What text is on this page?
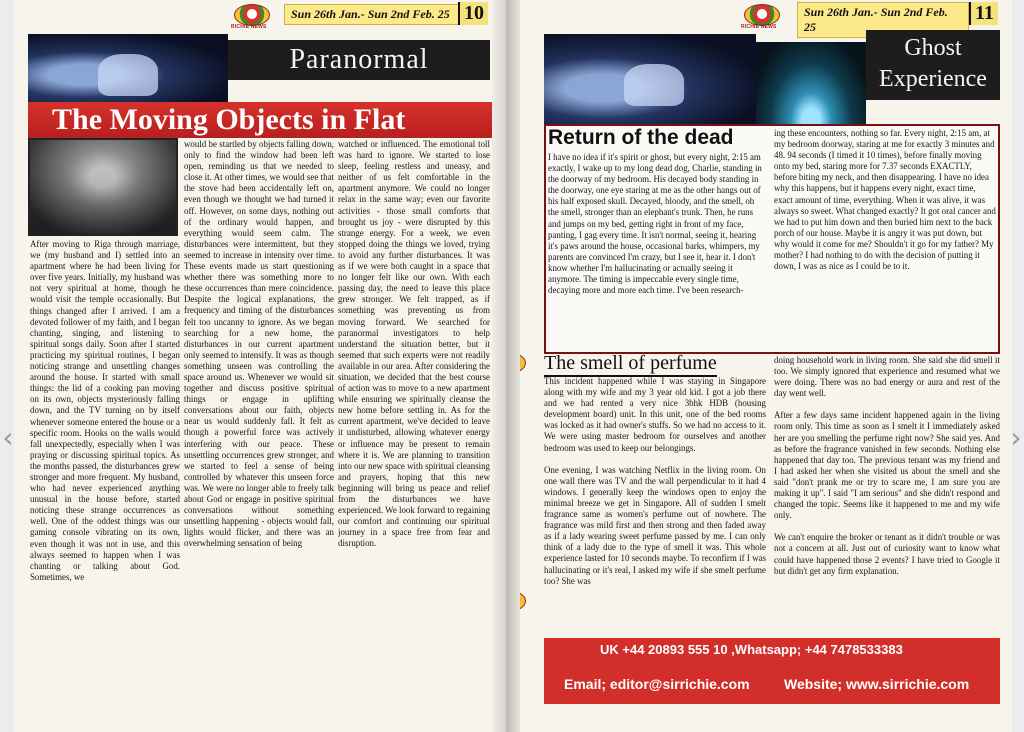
RICHIE NEWS
Sun 26th Jan.- Sun 2nd Feb. 25 10
Paranormal
The Moving Objects in Flat

After moving to Riga through marriage, we (my husband and I) settled into an apartment where he had been living for over five years. Initially, my husband was not very spiritual at home, though he would visit the temple occasionally. But things changed after I arrived. I am a devoted follower of my faith, and I began chanting, singing, and listening to spiritual songs daily. Soon after I started practicing my spiritual routines, I began noticing strange and unsettling changes around the house. It started with small things: the lid of a cooking pan moving on its own, objects mysteriously falling down, and the TV turning on by itself whenever someone entered the house or a specific room. Hooks on the walls would fall unexpectedly, especially when I was praying or discussing spiritual topics. As the months passed, the disturbances grew stronger and more frequent. My husband, who had never experienced anything unusual in the house before, started noticing these strange occurrences as well. One of the oddest things was our gaming console vibrating on its own, even though it was not in use, and this always seemed to happen when I was chanting or talking about God. Sometimes, we

would be startled by objects falling down, only to find the window had been left open, reminding us that we needed to close it. At other times, we would see that the stove had been accidentally left on, even though we thought we had turned it off. However, on some days, nothing out of the ordinary would happen, and everything would seem calm. The disturbances were intermittent, but they seemed to increase in intensity over time. These events made us start questioning whether there was something more to these occurrences than mere coincidence. Despite the logical explanations, the frequency and timing of the disturbances felt too uncanny to ignore. As we began searching for a new home, the disturbances in our current apartment only seemed to intensify. It was as though something unseen was controlling the space around us. Whenever we would sit together and discuss positive spiritual things or engage in uplifting conversations about our faith, objects near us would suddenly fall. It felt as though a powerful force was actively interfering with our peace. These unsettling occurrences grew stronger, and we started to feel a sense of being controlled by whatever this unseen force was. We were no longer able to freely talk about God or engage in positive spiritual conversations without something unsettling happening - objects would fall, lights would flicker, and there was an overwhelming sensation of being

watched or influenced. The emotional toll was hard to ignore. We started to lose sleep, feeling restless and uneasy, and neither of us felt comfortable in the apartment anymore. We could no longer relax in the same way; even our favorite activities - those small comforts that brought us joy - were disrupted by this strange energy. For a week, we even stopped doing the things we loved, trying to avoid any further disturbances. It was as if we were both caught in a space that no longer felt like our own. With each passing day, the need to leave this place grew stronger. We felt trapped, as if something was preventing us from moving forward. We searched for paranormal investigators to help understand the situation better, but it seemed that such experts were not readily available in our area. After considering the situation, we decided that the best course of action was to move to a new apartment while ensuring we spiritually cleanse the new home before settling in. As for the current apartment, we've decided to leave it undisturbed, allowing whatever energy or influence may be present to remain where it is. We are planning to transition into our new space with spiritual cleansing and prayers, hoping that this new beginning will bring us peace and relief from the disturbances we have experienced. We look forward to regaining our comfort and continuing our spiritual journey in a space free from fear and disruption.

RICHIE NEWS
Sun 26th Jan.- Sun 2nd Feb. 25
11
Ghost Experience
Return of the dead

I have no idea if it's spirit or ghost, but every night, 2:15 am exactly, I wake up to my long dead dog, Charlie, standing in the doorway of my bedroom. His decayed body standing in the doorway, one eye staring at me as the other hangs out of his half exposed skull. Decayed, bloody, and the smell, oh the smell, stronger than an elephant's trunk. Then, he runs and jumps on my bed, getting right in front of my face, panting, I gag every time. It isn't normal, seeing it, hearing it's paws around the house, occasional barks, whimpers, my parents are convinced I'm crazy, but I see it, hear it. I don't know whether I'm hallucinating or actually seeing it anymore. The timing is impeccable every single time, decaying more and more each time. I've been research-

ing these encounters, nothing so far. Every night, 2:15 am, at my bedroom doorway, staring at me for exactly 3 minutes and 48. 94 seconds (I timed it 10 times), before finally moving onto my bed, staring more for 7.37 seconds EXACTLY, before biting my neck, and then disappearing. I have no idea why this happens, but it happens every night, exact time, exact amount of time, everything. When it was alive, it was always so sweet. What changed exactly? It got oral cancer and we had to put him down and then buried him next to the back porch of our house. Maybe it is angry it was put down, but why would it come for me? Shouldn't it go for my father? My mother? I had nothing to do with the decision of putting it down, I was as nice as I could be to it.

The smell of perfume

This incident happened while I was staying in Singapore along with my wife and my 3 year old kid. I got a job there and we had rented a very nice 3bhk HDB (housing development board) unit. In this unit, one of the bed rooms was locked as it had owner's stuffs. So we had no access to it. We were using master bedroom for ourselves and another bedroom was used to keep our belongings.

One evening, I was watching Netflix in the living room. On one wall there was TV and the wall perpendicular to it had 4 windows. I generally keep the windows open to enjoy the minimal breeze we get in Singapore. All of sudden I smelt fragrance same as women's perfume out of nowhere. The fragrance was mild first and then strong and then faded away as if a lady wearing sweet perfume passed by me. I can only think of a lady due to the type of smell it was. This whole experience lasted for 10 seconds maybe. To reconfirm if I was hallucinating or it's real, I asked my wife if she smelt perfume too? She was

doing household work in living room. She said she did smell it too. We simply ignored that experience and resumed what we were doing. There was no bad energy or aura and rest of the day went well.

After a few days same incident happened again in the living room only. This time as soon as I smelt it I immediately asked her are you smelling the perfume right now? She said yes. And as before the fragrance vanished in few seconds. Nothing else happened that day too. The previous tenant was my friend and I had asked her when she visited us about the smell and she said "don't prank me or try to scare me, I am sure you are making it up". I said "I am serious" and she didn't respond and changed the topic. Seems like it happened to me and my wife only.

We can't enquire the broker or tenant as it didn't trouble or was not a concern at all. Just out of curiosity want to know what could have happened those 2 events? I have tried to Google it but didn't get any firm explanation.

UK +44 20893 555 10 ,Whatsapp; +44 7478533383
Email; editor@sirrichie.com Website; www.sirrichie.com
‹	›
